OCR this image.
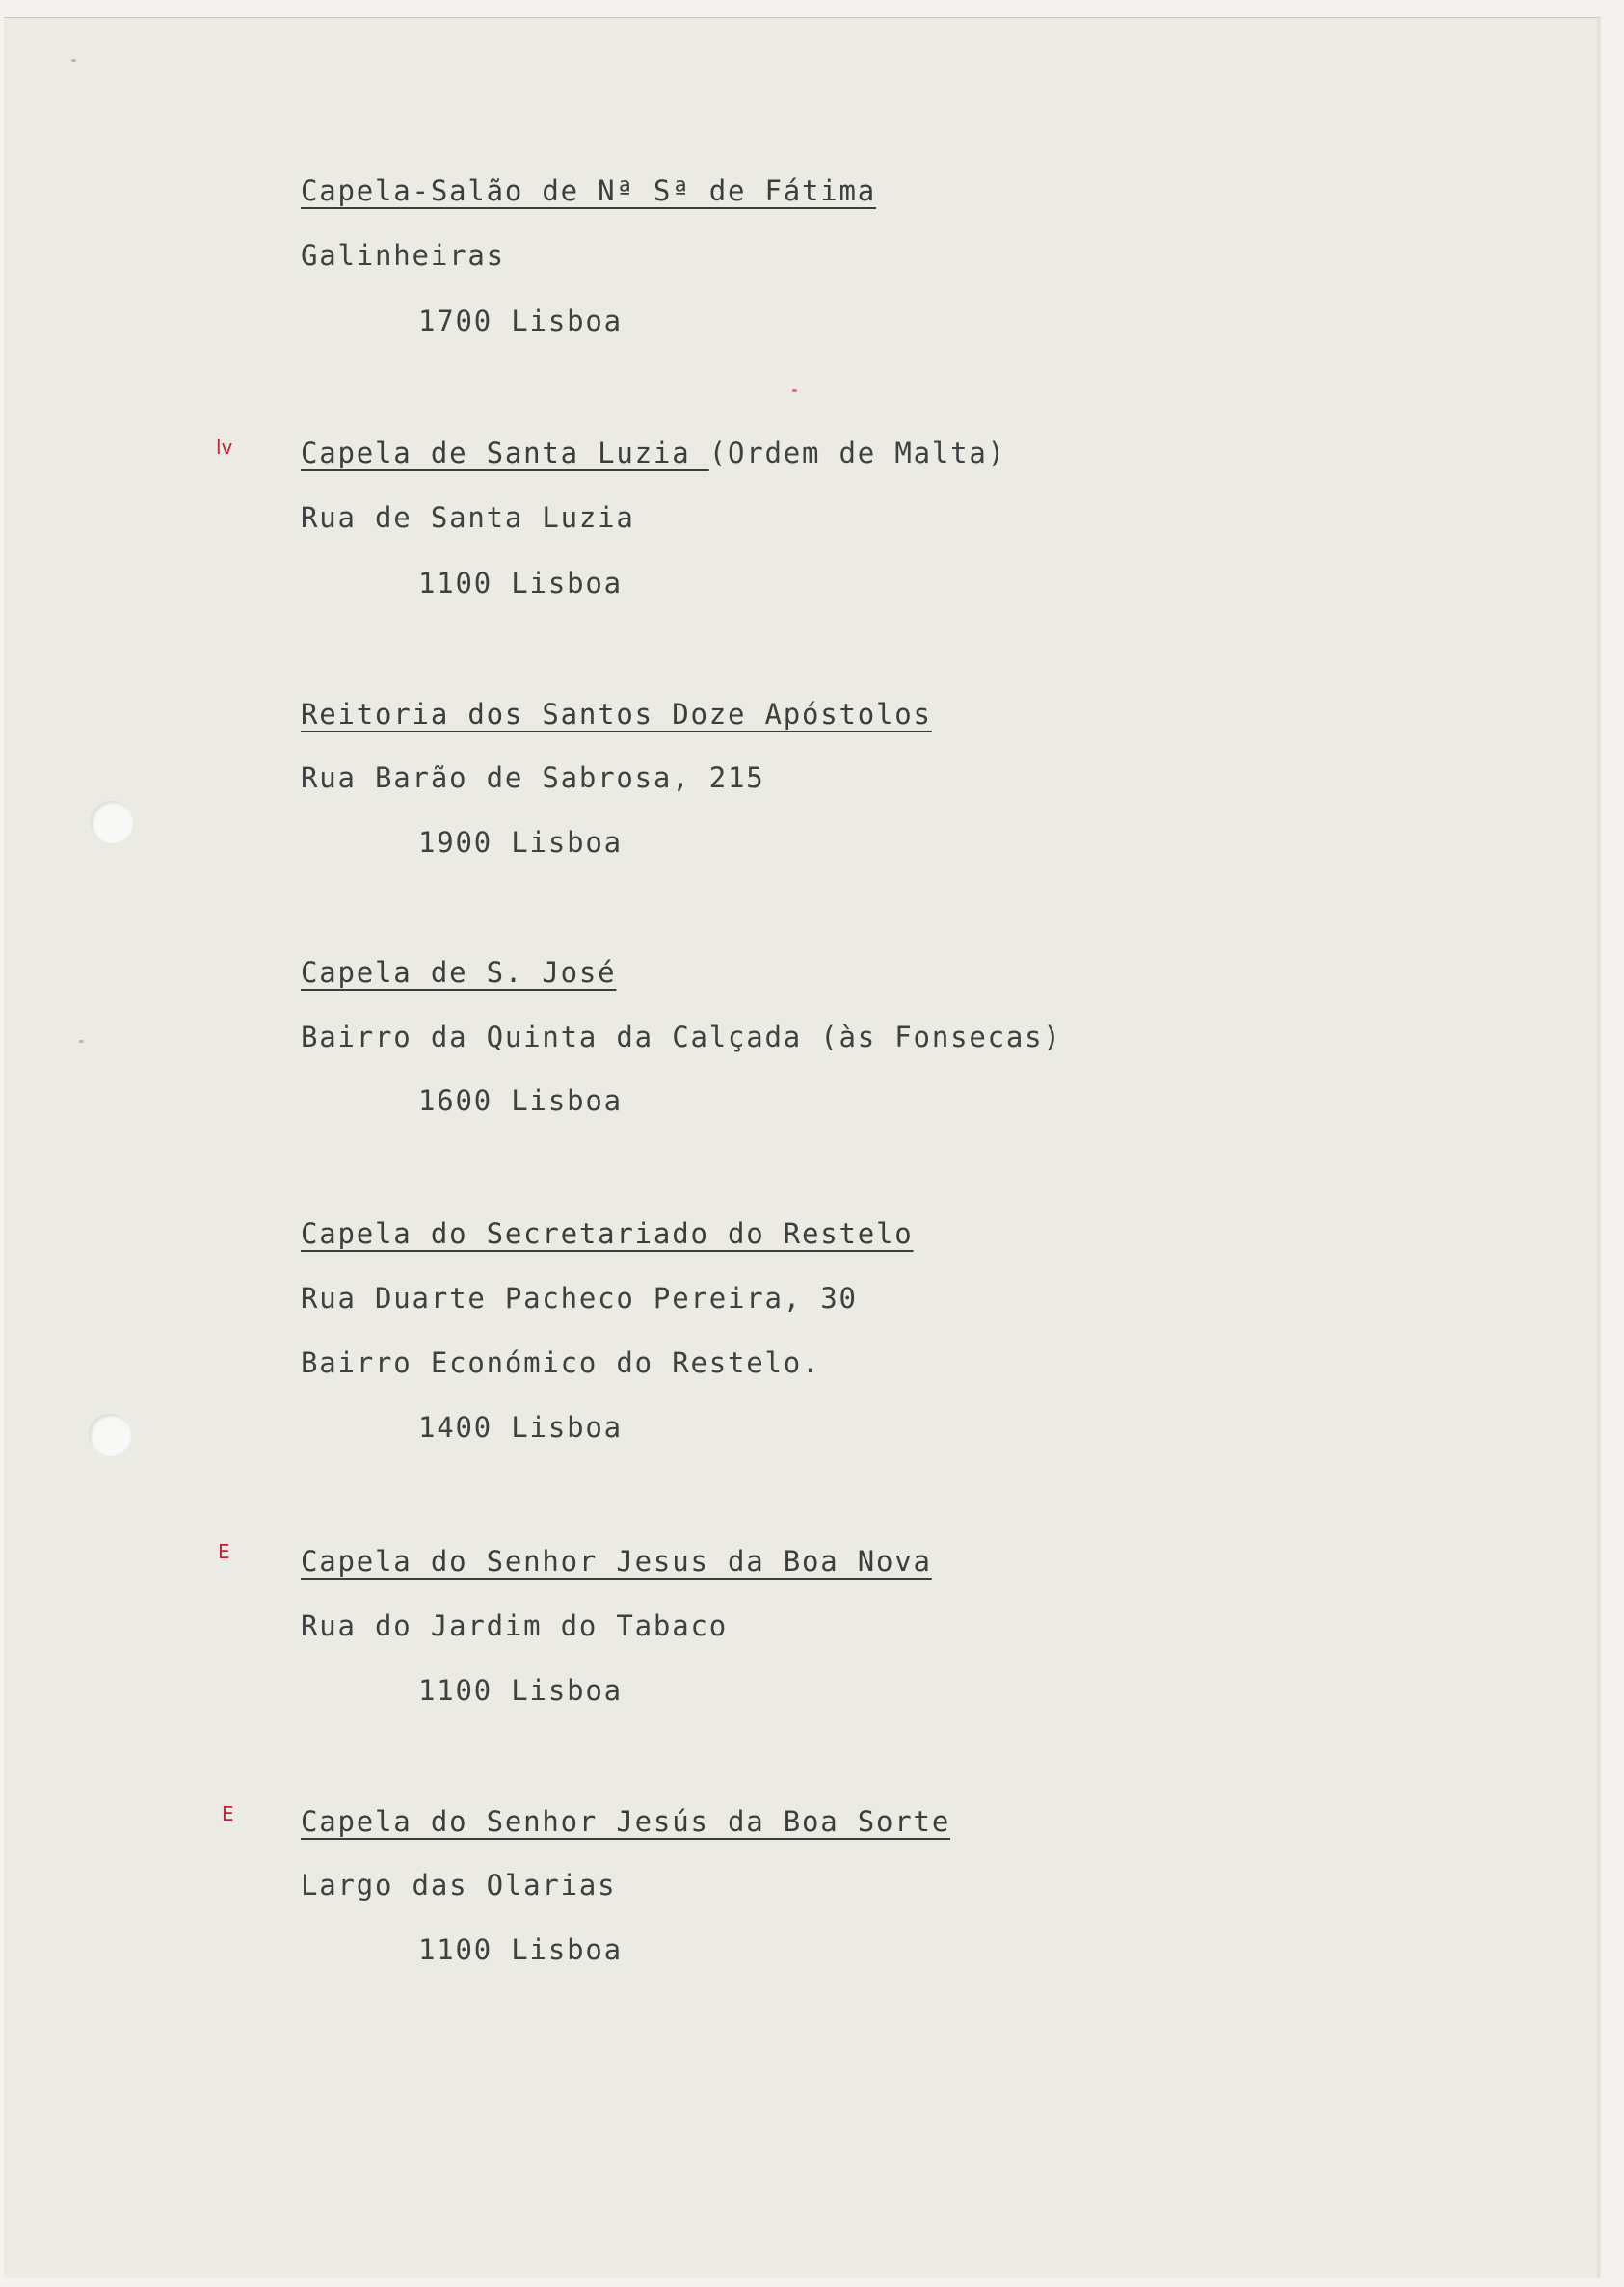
Capela-Salão de Nª Sª de Fátima
Galinheiras
1700 Lisboa
lv Capela de Santa Luzia (Ordem de Malta)
Rua de Santa Luzia
1100 Lisboa
Reitoria dos Santos Doze Apóstolos
Rua Barão de Sabrosa, 215
1900 Lisboa
Capela de S. José
Bairro da Quinta da Calçada (às Fonsecas)
1600 Lisboa
Capela do Secretariado do Restelo
Rua Duarte Pacheco Pereira, 30
Bairro Económico do Restelo.
1400 Lisboa
E	Capela do Senhor Jesus da Boa Nova
Rua do Jardim do Tabaco
1100 Lisboa
E Capela do Senhor Jesús da Boa Sorte
Largo das Olarias
1100 Lisboa
